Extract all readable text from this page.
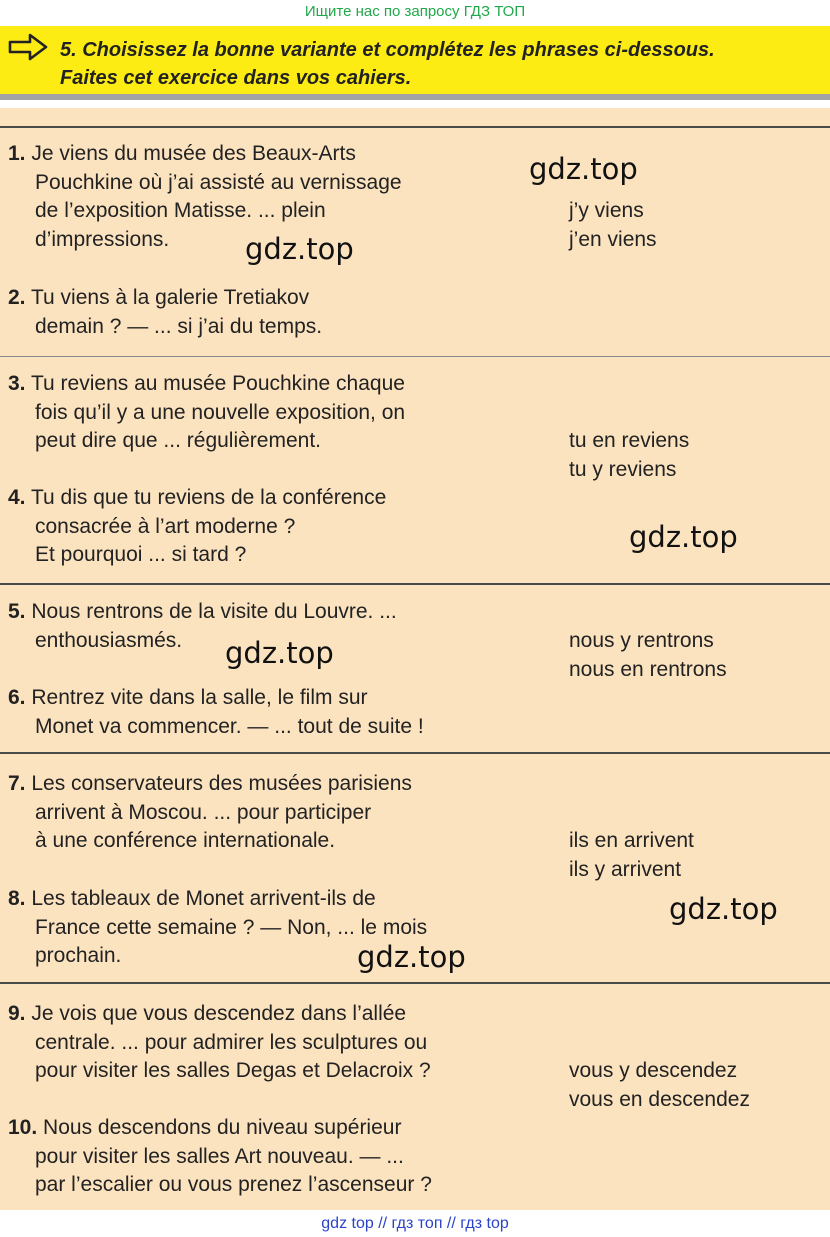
Ищите нас по запросу ГДЗ ТОП
5. Choisissez la bonne variante et complétez les phrases ci-dessous.
Faites cet exercice dans vos cahiers.
1. Je viens du musée des Beaux-Arts
Pouchkine où j’ai assisté au vernissage
de l’exposition Matisse. ... plein
d’impressions.
2. Tu viens à la galerie Tretiakov
demain ? — ... si j’ai du temps.
j’y viens
j’en viens
3. Tu reviens au musée Pouchkine chaque
fois qu’il y a une nouvelle exposition, on
peut dire que ... régulièrement.
4. Tu dis que tu reviens de la conférence
consacrée à l’art moderne ?
Et pourquoi ... si tard ?
tu en reviens
tu y reviens
5. Nous rentrons de la visite du Louvre. ...
enthousiasmés.
6. Rentrez vite dans la salle, le film sur
Monet va commencer. — ... tout de suite !
nous y rentrons
nous en rentrons
7. Les conservateurs des musées parisiens
arrivent à Moscou. ... pour participer
à une conférence internationale.
8. Les tableaux de Monet arrivent-ils de
France cette semaine ? — Non, ... le mois
prochain.
ils en arrivent
ils y arrivent
9. Je vois que vous descendez dans l’allée
centrale. ... pour admirer les sculptures ou
pour visiter les salles Degas et Delacroix ?
10. Nous descendons du niveau supérieur
pour visiter les salles Art nouveau. — ...
par l’escalier ou vous prenez l’ascenseur ?
vous y descendez
vous en descendez
gdz.top
gdz.top
gdz.top
gdz.top
gdz.top
gdz.top
gdz top // гдз топ // гдз top
